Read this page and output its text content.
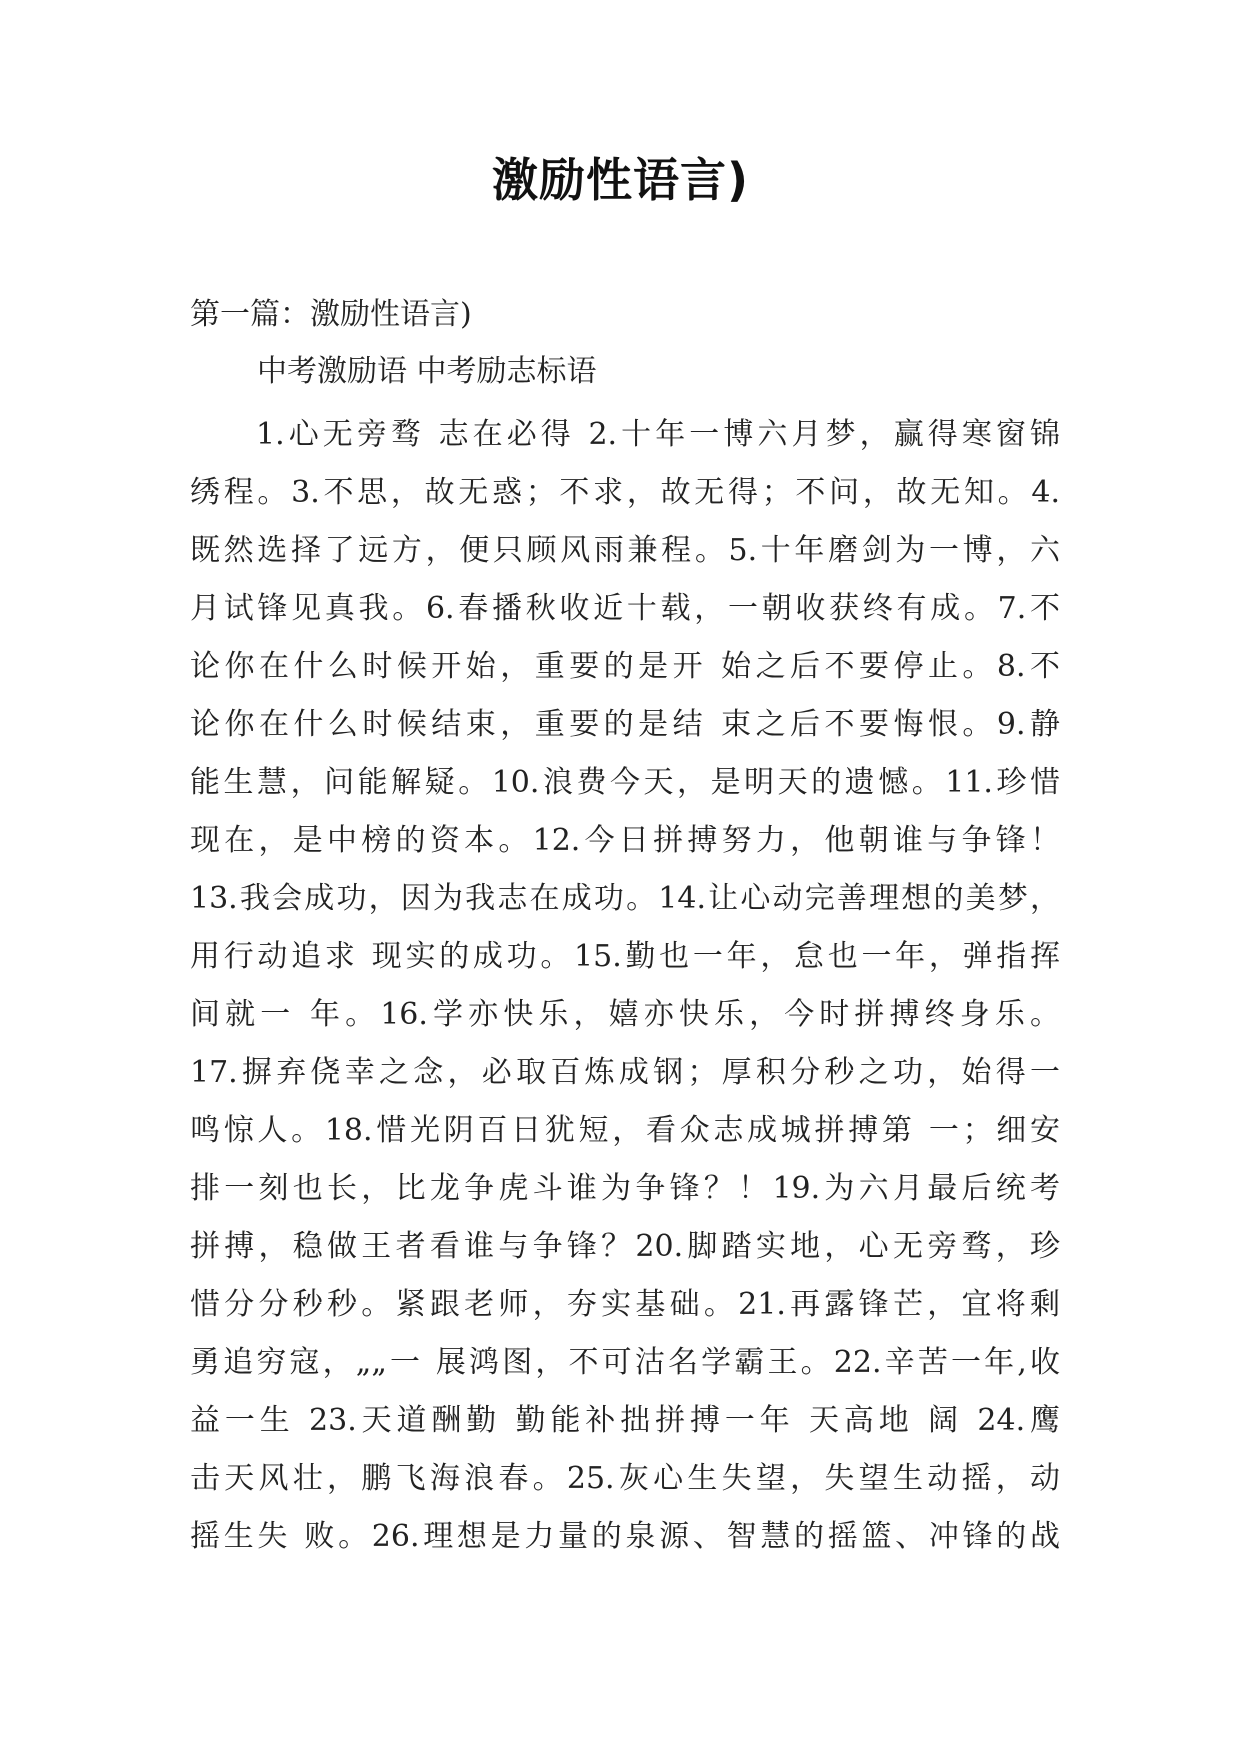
激励性语言)
第一篇：激励性语言)
中考激励语 中考励志标语
1.心无旁骛 志在必得 2.十年一博六月梦，赢得寒窗锦
绣程。3.不思，故无惑；不求，故无得；不问，故无知。4.
既然选择了远方，便只顾风雨兼程。5.十年磨剑为一博，六
月试锋见真我。6.春播秋收近十载，一朝收获终有成。7.不
论你在什么时候开始，重要的是开 始之后不要停止。8.不
论你在什么时候结束，重要的是结 束之后不要悔恨。9.静
能生慧，问能解疑。10.浪费今天，是明天的遗憾。11.珍惜
现在，是中榜的资本。12.今日拼搏努力，他朝谁与争锋！
13.我会成功，因为我志在成功。14.让心动完善理想的美梦，
用行动追求 现实的成功。15.勤也一年，怠也一年，弹指挥
间就一 年。16.学亦快乐，嬉亦快乐，今时拼搏终身乐。
17.摒弃侥幸之念，必取百炼成钢；厚积分秒之功，始得一
鸣惊人。18.惜光阴百日犹短，看众志成城拼搏第 一；细安
排一刻也长，比龙争虎斗谁为争锋？！19.为六月最后统考
拼搏，稳做王者看谁与争锋？20.脚踏实地，心无旁骛，珍
惜分分秒秒。紧跟老师，夯实基础。21.再露锋芒，宜将剩
勇追穷寇，„„一 展鸿图，不可沽名学霸王。22.辛苦一年,收
益一生 23.天道酬勤 勤能补拙拼搏一年 天高地 阔 24.鹰
击天风壮，鹏飞海浪春。25.灰心生失望，失望生动摇，动
摇生失 败。26.理想是力量的泉源、智慧的摇篮、冲锋的战
